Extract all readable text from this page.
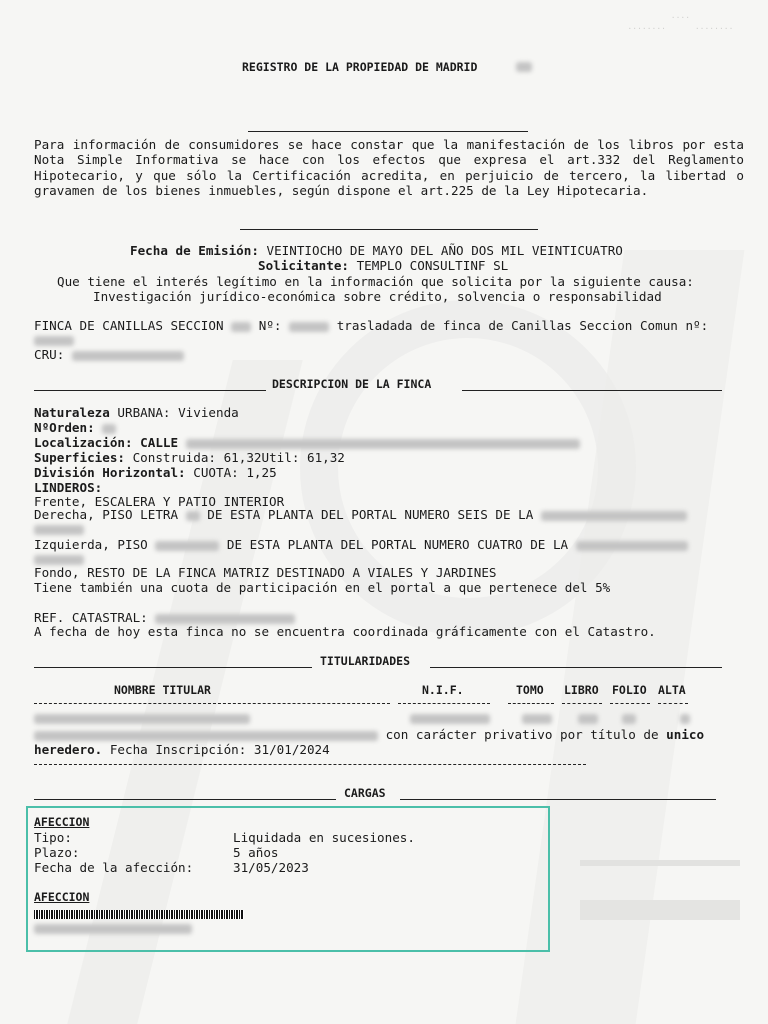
....
........      ........
REGISTRO DE LA PROPIEDAD DE MADRID
Para información de consumidores se hace constar que la manifestación de los libros por esta Nota Simple Informativa se hace con los efectos que expresa el art.332 del Reglamento Hipotecario, y que sólo la Certificación acredita, en perjuicio de tercero, la libertad o gravamen de los bienes inmuebles, según dispone el art.225 de la Ley Hipotecaria.
Fecha de Emisión: VEINTIOCHO DE MAYO DEL AÑO DOS MIL VEINTICUATRO
Solicitante: TEMPLO CONSULTINF SL
Que tiene el interés legítimo en la información que solicita por la siguiente causa:
Investigación jurídico-económica sobre crédito, solvencia o responsabilidad
FINCA DE CANILLAS SECCION	Nº:	trasladada de finca de Canillas Seccion Comun nº:
CRU:
DESCRIPCION DE LA FINCA
Naturaleza URBANA: Vivienda
NºOrden:
Localización: CALLE
Superficies: Construida: 61,32Util: 61,32
División Horizontal: CUOTA: 1,25
LINDEROS:
Frente, ESCALERA Y PATIO INTERIOR
Derecha, PISO LETRA DE ESTA PLANTA DEL PORTAL NUMERO SEIS DE LA
Izquierda, PISO	DE ESTA PLANTA DEL PORTAL NUMERO CUATRO DE LA
Fondo, RESTO DE LA FINCA MATRIZ DESTINADO A VIALES Y JARDINES
Tiene también una cuota de participación en el portal a que pertenece del 5%
REF. CATASTRAL:
A fecha de hoy esta finca no se encuentra coordinada gráficamente con el Catastro.
TITULARIDADES
NOMBRE TITULAR	N.I.F.	TOMO LIBRO FOLIO ALTA
con carácter privativo por título de unico
heredero. Fecha Inscripción: 31/01/2024
CARGAS
AFECCION
Tipo:	Liquidada en sucesiones.
Plazo:	5 años
Fecha de la afección:	31/05/2023
AFECCION
